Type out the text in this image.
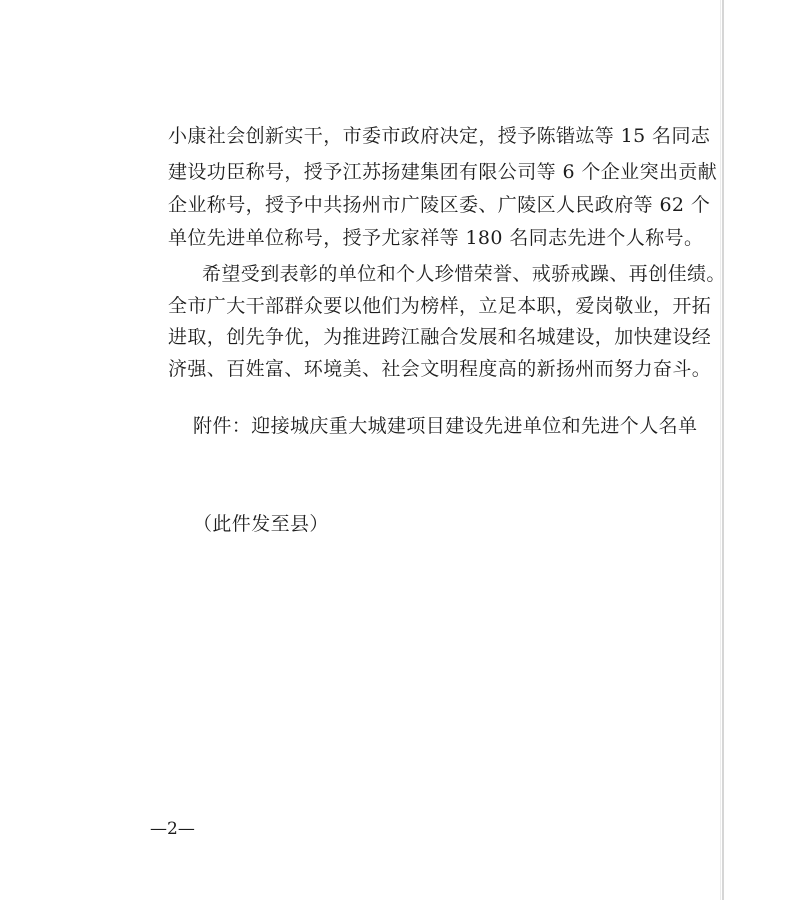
小康社会创新实干，市委市政府决定，授予陈锴竑等 15 名同志
建设功臣称号，授予江苏扬建集团有限公司等 6 个企业突出贡献
企业称号，授予中共扬州市广陵区委、广陵区人民政府等 62 个
单位先进单位称号，授予尤家祥等 180 名同志先进个人称号。
希望受到表彰的单位和个人珍惜荣誉、戒骄戒躁、再创佳绩。
全市广大干部群众要以他们为榜样，立足本职，爱岗敬业，开拓
进取，创先争优，为推进跨江融合发展和名城建设，加快建设经
济强、百姓富、环境美、社会文明程度高的新扬州而努力奋斗。
附件：迎接城庆重大城建项目建设先进单位和先进个人名单
（此件发至县）
—2—
